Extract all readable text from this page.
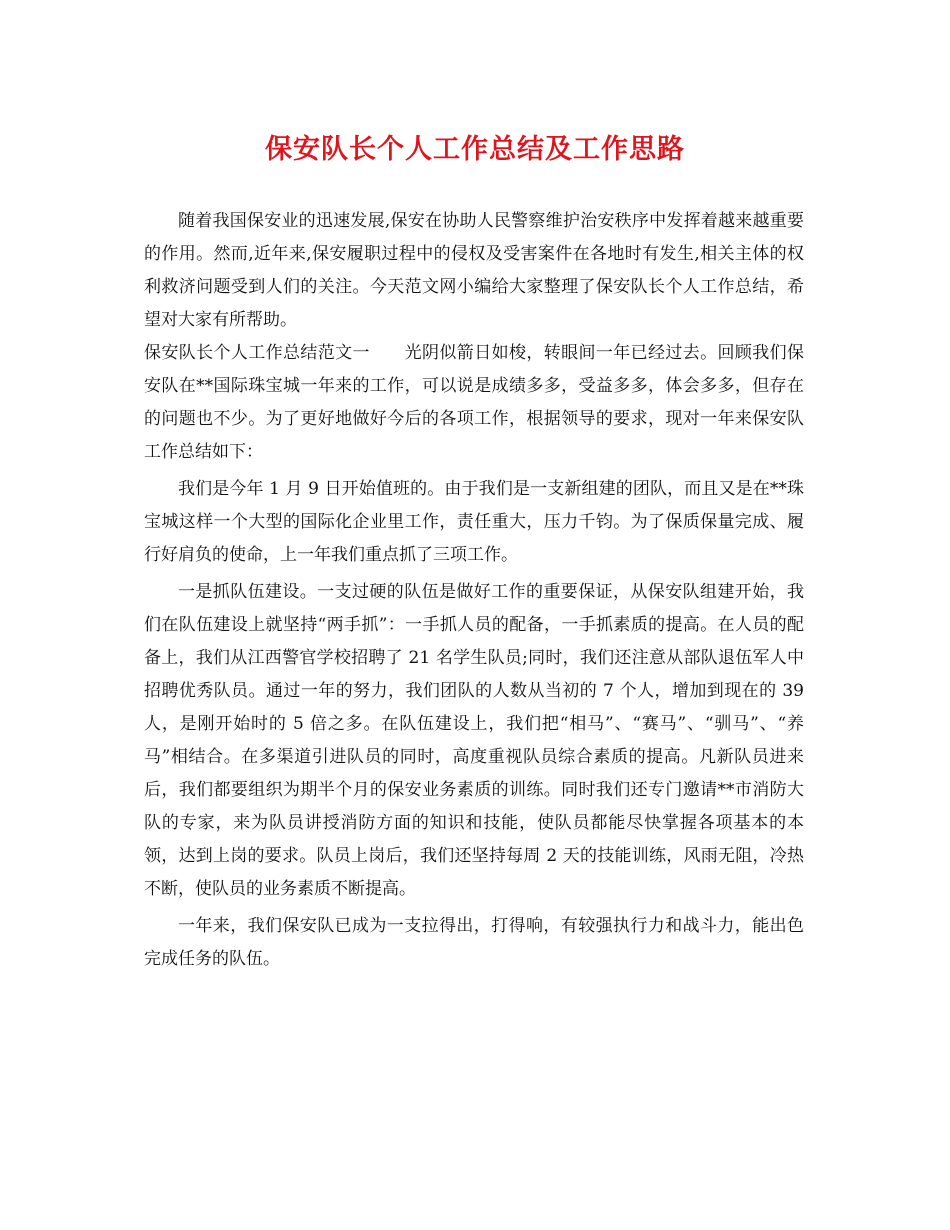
保安队长个人工作总结及工作思路

随着我国保安业的迅速发展,保安在协助人民警察维护治安秩序中发挥着越来越重要的作用。然而,近年来,保安履职过程中的侵权及受害案件在各地时有发生,相关主体的权利救济问题受到人们的关注。今天范文网小编给大家整理了保安队长个人工作总结，希望对大家有所帮助。

保安队长个人工作总结范文一　　光阴似箭日如梭，转眼间一年已经过去。回顾我们保安队在**国际珠宝城一年来的工作，可以说是成绩多多，受益多多，体会多多，但存在的问题也不少。为了更好地做好今后的各项工作，根据领导的要求，现对一年来保安队工作总结如下：

我们是今年 1 月 9 日开始值班的。由于我们是一支新组建的团队，而且又是在**珠宝城这样一个大型的国际化企业里工作，责任重大，压力千钧。为了保质保量完成、履行好肩负的使命，上一年我们重点抓了三项工作。

一是抓队伍建设。一支过硬的队伍是做好工作的重要保证，从保安队组建开始，我们在队伍建设上就坚持“两手抓”：一手抓人员的配备，一手抓素质的提高。在人员的配备上，我们从江西警官学校招聘了 21 名学生队员;同时，我们还注意从部队退伍军人中招聘优秀队员。通过一年的努力，我们团队的人数从当初的 7 个人，增加到现在的 39 人，是刚开始时的 5 倍之多。在队伍建设上，我们把“相马”、“赛马”、“驯马”、“养马”相结合。在多渠道引进队员的同时，高度重视队员综合素质的提高。凡新队员进来后，我们都要组织为期半个月的保安业务素质的训练。同时我们还专门邀请**市消防大队的专家，来为队员讲授消防方面的知识和技能，使队员都能尽快掌握各项基本的本领，达到上岗的要求。队员上岗后，我们还坚持每周 2 天的技能训练，风雨无阻，冷热不断，使队员的业务素质不断提高。

一年来，我们保安队已成为一支拉得出，打得响，有较强执行力和战斗力，能出色完成任务的队伍。
